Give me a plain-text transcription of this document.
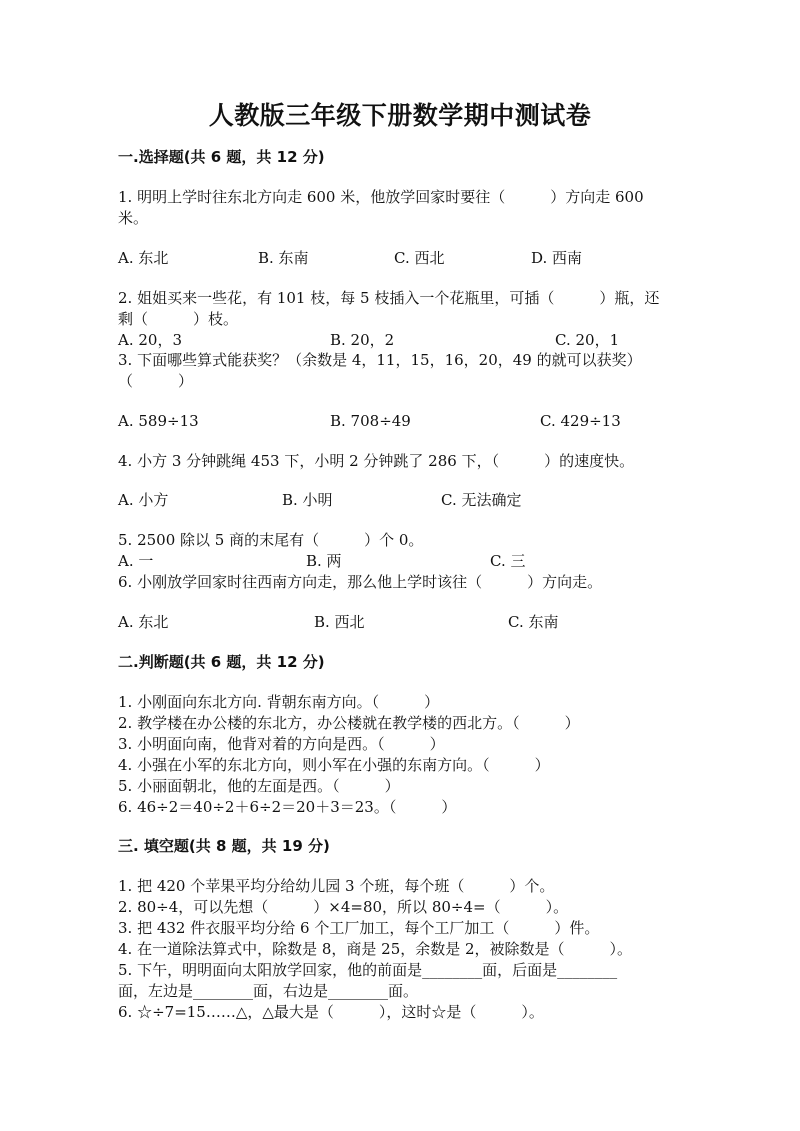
人教版三年级下册数学期中测试卷
一.选择题(共 6 题，共 12 分)
1. 明明上学时往东北方向走 600 米，他放学回家时要往（　　　）方向走 600
米。
A. 东北	B. 东南	C. 西北	D. 西南
2. 姐姐买来一些花，有 101 枝，每 5 枝插入一个花瓶里，可插（　　　）瓶，还
剩（　　　）枝。
A. 20，3	B. 20，2	C. 20，1
3. 下面哪些算式能获奖？（余数是 4，11，15，16，20，49 的就可以获奖）
（　　　）
A. 589÷13	B. 708÷49	C. 429÷13
4. 小方 3 分钟跳绳 453 下，小明 2 分钟跳了 286 下，（　　　）的速度快。
A. 小方	B. 小明	C. 无法确定
5. 2500 除以 5 商的末尾有（　　　）个 0。
A. 一	B. 两	C. 三
6. 小刚放学回家时往西南方向走，那么他上学时该往（　　　）方向走。
A. 东北	B. 西北	C. 东南
二.判断题(共 6 题，共 12 分)
1. 小刚面向东北方向. 背朝东南方向。（　　　）
2. 教学楼在办公楼的东北方，办公楼就在教学楼的西北方。（　　　）
3. 小明面向南，他背对着的方向是西。（　　　）
4. 小强在小军的东北方向，则小军在小强的东南方向。（　　　）
5. 小丽面朝北，他的左面是西。（　　　）
6. 46÷2＝40÷2＋6÷2＝20＋3＝23。（　　　）
三. 填空题(共 8 题，共 19 分)
1. 把 420 个苹果平均分给幼儿园 3 个班，每个班（　　　）个。
2. 80÷4，可以先想（　　　）×4=80，所以 80÷4=（　　　）。
3. 把 432 件衣服平均分给 6 个工厂加工，每个工厂加工（　　　）件。
4. 在一道除法算式中，除数是 8，商是 25，余数是 2，被除数是（　　　）。
5. 下午，明明面向太阳放学回家，他的前面是________面，后面是________
面，左边是________面，右边是________面。
6. ☆÷7=15……△，△最大是（　　　），这时☆是（　　　）。
